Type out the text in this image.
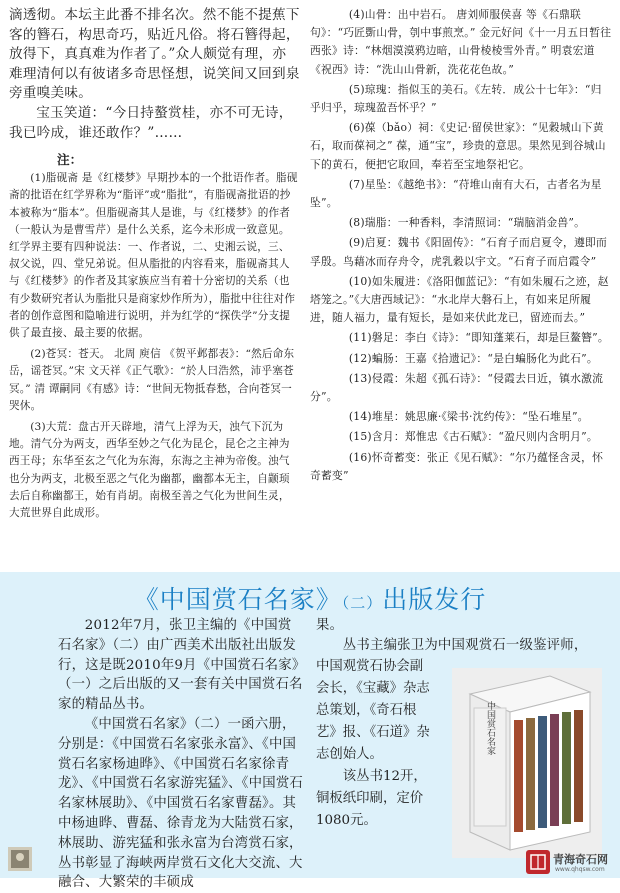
滴透彻。本坛主此番不排名次。然不能不提蕉下客的簪石，构思奇巧，贴近凡俗。将石簪得起，放得下，真真难为作者了。”众人颇觉有理，亦难理清何以有彼诸多奇思怪想，说笑间又回到泉旁重嗅美味。

宝玉笑道：“今日持螯赏桂，亦不可无诗，我已吟成，谁还敢作？”……

注：

(1)脂砚斋 是《红楼梦》早期抄本的一个批语作者。脂砚斋的批语在红学界称为“脂评”或“脂批”，有脂砚斋批语的抄本被称为“脂本”。但脂砚斋其人是谁，与《红楼梦》的作者（一般认为是曹雪芹）是什么关系，迄今未形成一致意见。红学界主要有四种说法：一、作者说，二、史湘云说，三、叔父说，四、堂兄弟说。但从脂批的内容看来，脂砚斋其人与《红楼梦》的作者及其家族应当有着十分密切的关系（也有少数研究者认为脂批只是商家炒作所为），脂批中往往对作者的创作意图和隐喻进行说明，并为红学的“探佚学”分支提供了最直接、最主要的依据。

(2)苍冥：苍天。 北周 庾信 《贺平邺都表》：“然后命东岳，谣苍冥。”宋 文天祥《正气歌》：“於人曰浩然，沛乎塞苍冥。” 清 谭嗣同《有感》诗：“世间无物抵春愁，合向苍冥一哭休。

(3)大荒：盘古开天辟地，清气上浮为天，浊气下沉为地。清气分为两支，西华至妙之气化为昆仑，昆仑之主神为西王母；东华至玄之气化为东海，东海之主神为帝俊。浊气也分为两支，北极至恶之气化为幽都，幽都本无主，自颛顼去后自称幽都王，始有肖胡。南极至善之气化为世间生灵，大荒世界自此成形。

(4)山骨：出中岩石。 唐刘师服侯喜 等《石鼎联句》：“巧匠斲山骨，刳中事煎烹。” 金元好问《十一月五日暂往西张》诗：“林烟漠漠鸦边暗，山骨棱棱雪外青。” 明袁宏道《祝西》诗：“洗山山骨新，洗花花色故。”

(5)琼瑰：指似玉的美石。《左转．成公十七年》：“归乎归乎，琼瑰盈吾怀乎？”

(6)葆（bǎo）祠：《史记·留侯世家》：“见穀城山下黄石，取而葆祠之” 葆，通“宝”，珍贵的意思。果然见到谷城山下的黄石，便把它取回，奉若至宝地祭祀它。

(7)星坠：《越绝书》：“苻堆山南有大石，古者名为星坠”。

(8)瑞脂：一种香料，李清照词：“瑞脑消金兽”。

(9)启夏：魏书《阳固传》：“石育子而启夏令，遵即而孚殷。鸟藉冰而存舟令，虎乳穀以宇文。“石育子而启霞令”

(10)如朱履进：《洛阳伽蓝记》：“有如朱履石之迹，赵塔笼之。”《大唐西域记》：“水北岸大磐石上，有如来足所履进，随人福力，量有短长，是如来伏此龙已，留迹而去。”

(11)磐足：李白《诗》：“即知蓬莱石，却是巨鳌簪”。

(12)蝙肠：王嘉《拾遗记》：“是白蝙肠化为此石”。

(13)侵霞：朱超《孤石诗》：“侵霞去日近，镇水激流分”。

(14)堆星：姚思廉·《梁书·沈约传》：“坠石堆星”。

(15)含月：郑惟忠《古石赋》：“盈尺则内含明月”。

(16)怀奇蓄变：张正《见石赋》：“尔乃蕴怪含灵，怀奇蓄变”

《中国赏石名家》（二）出版发行

2012年7月，张卫主编的《中国赏石名家》（二）由广西美术出版社出版发行，这是既2010年9月《中国赏石名家》（一）之后出版的又一套有关中国赏石名家的精品丛书。

《中国赏石名家》（二）一函六册，分别是：《中国赏石名家张永富》、《中国赏石名家杨迪晔》、《中国赏石名家徐青龙》、《中国赏石名家游宪猛》、《中国赏石名家林展助》、《中国赏石名家曹磊》。其中杨迪晔、曹磊、徐青龙为大陆赏石家，林展助、游宪猛和张永富为台湾赏石家，丛书彰显了海峡两岸赏石文化大交流、大融合、大繁荣的丰硕成

果。

丛书主编张卫为中国观赏石一级鉴评师，

中国观赏石协会副会长，《宝藏》杂志总策划，《奇石根艺》报、《石道》杂志创始人。

该丛书12开，铜板纸印刷，定价1080元。

中国赏石名家
青海奇石网
www.qhqsw.com
